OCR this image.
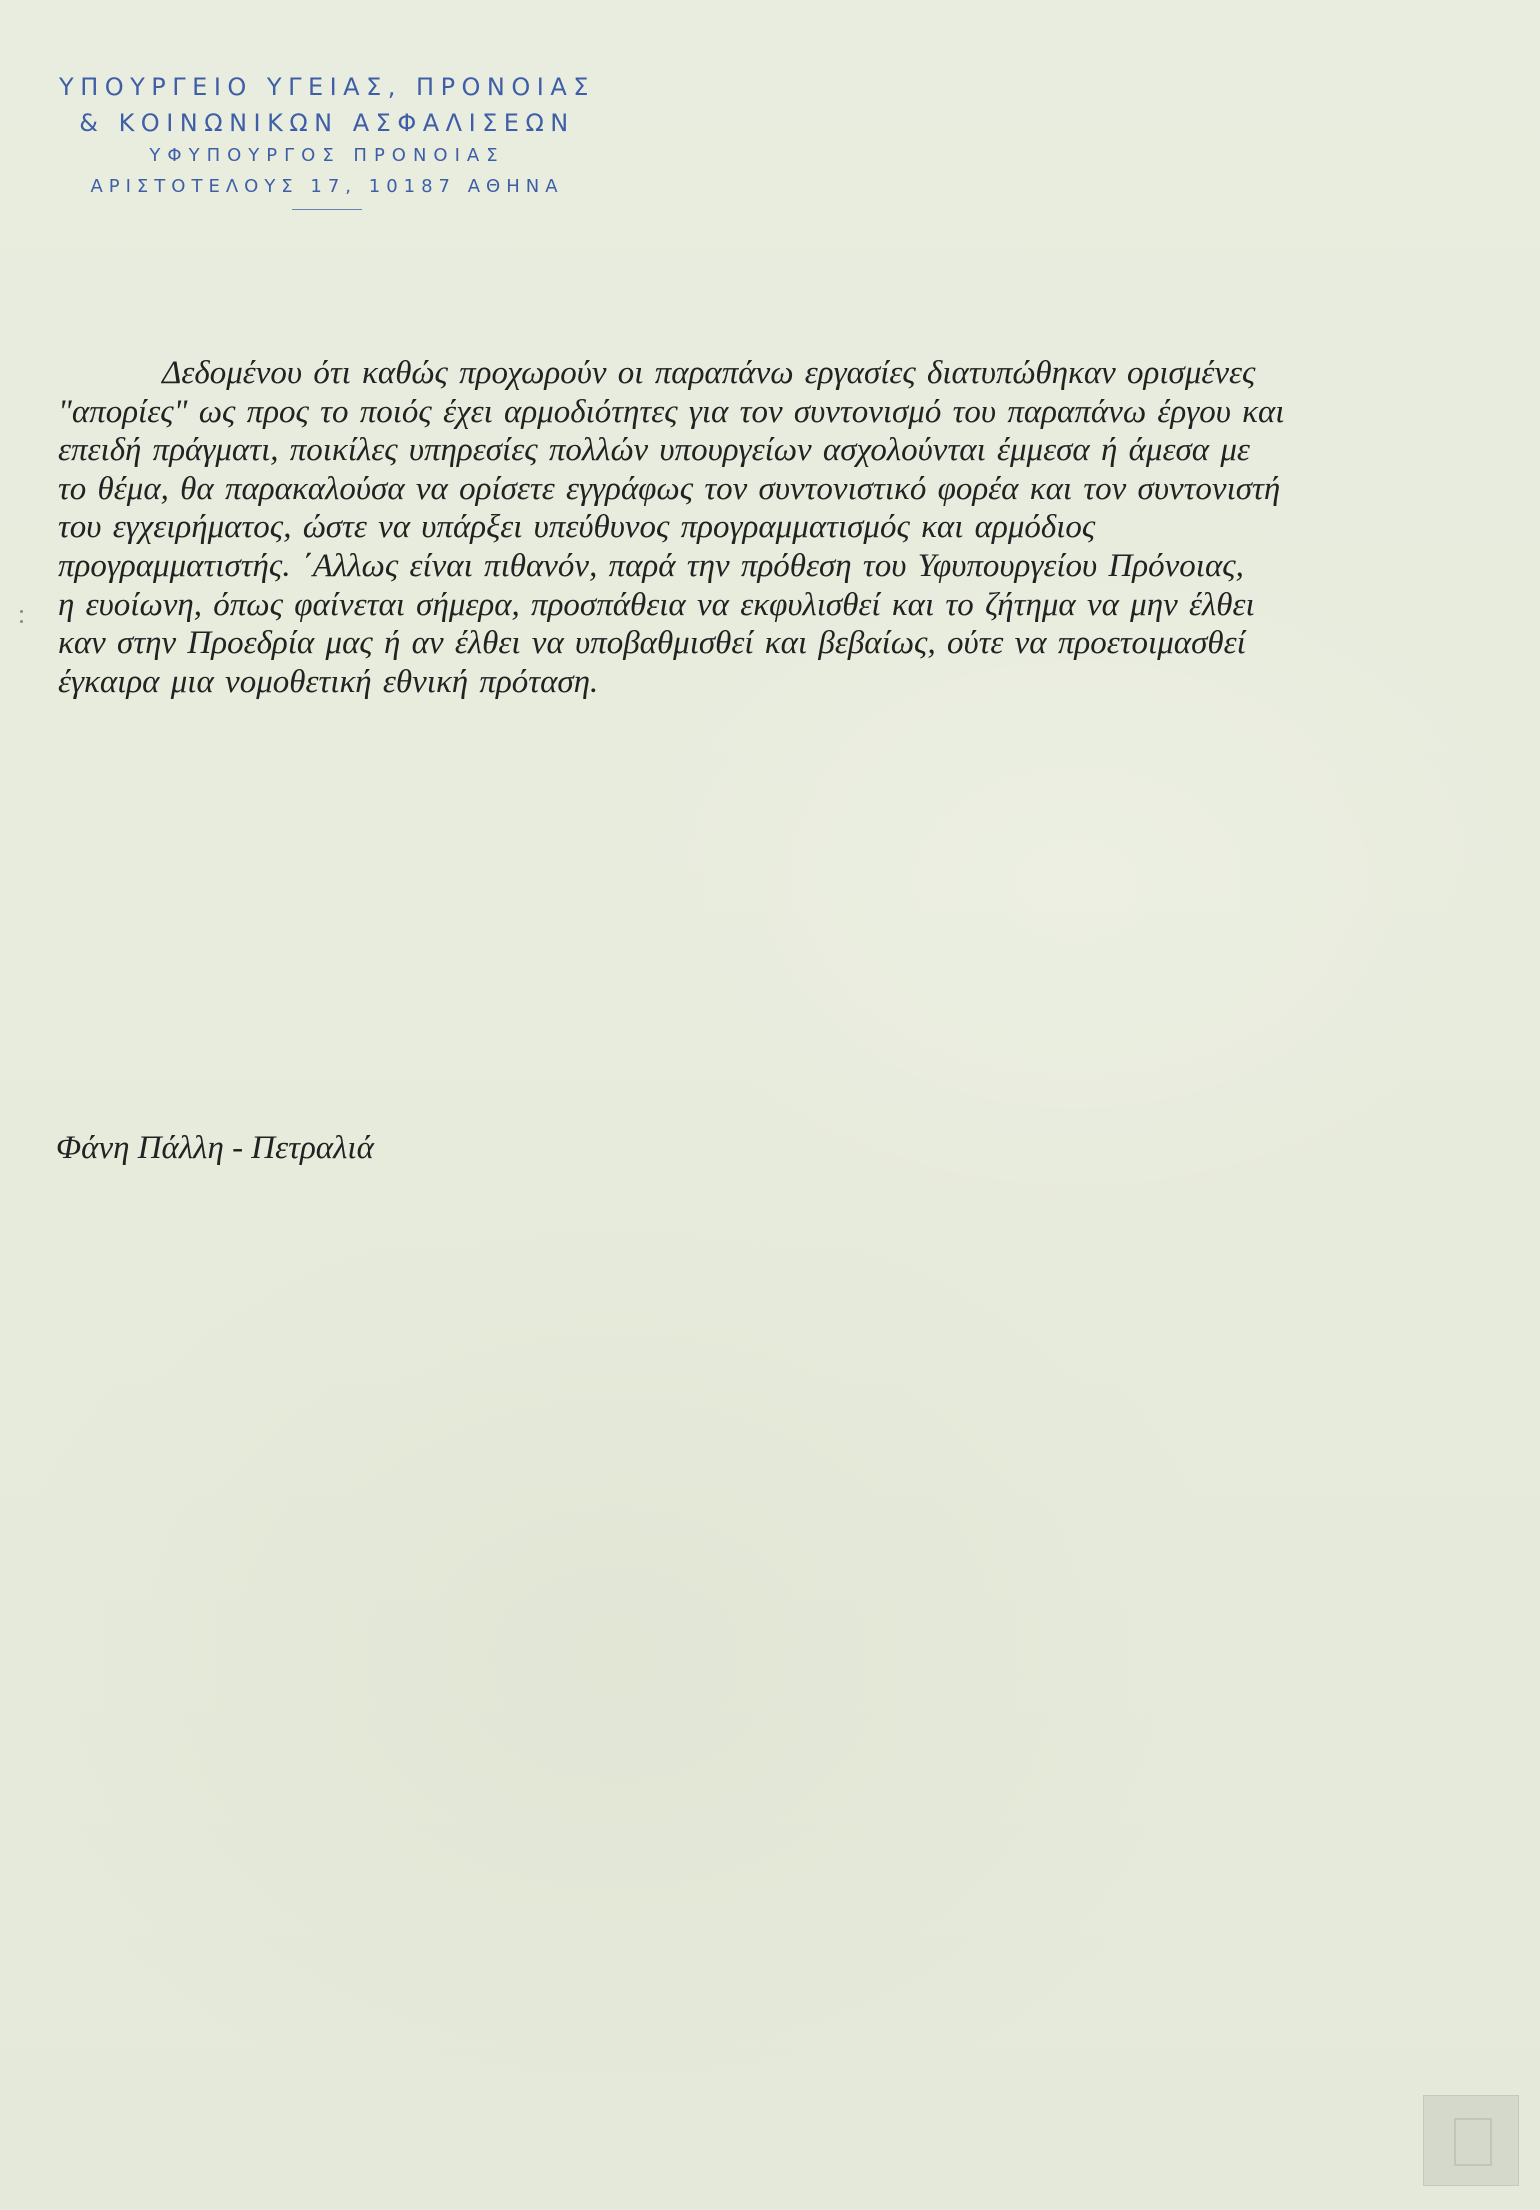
ΥΠΟΥΡΓΕΙΟ ΥΓΕΙΑΣ, ΠΡΟΝΟΙΑΣ
& ΚΟΙΝΩΝΙΚΩΝ ΑΣΦΑΛΙΣΕΩΝ
ΥΦΥΠΟΥΡΓΟΣ ΠΡΟΝΟΙΑΣ
ΑΡΙΣΤΟΤΕΛΟΥΣ 17, 10187 ΑΘΗΝΑ
Δεδομένου ότι καθώς προχωρούν οι παραπάνω εργασίες διατυπώθηκαν ορισμένες
"απορίες" ως προς το ποιός έχει αρμοδιότητες για τον συντονισμό του παραπάνω έργου και
επειδή πράγματι, ποικίλες υπηρεσίες πολλών υπουργείων ασχολούνται έμμεσα ή άμεσα με
το θέμα, θα παρακαλούσα να ορίσετε εγγράφως τον συντονιστικό φορέα και τον συντονιστή
του εγχειρήματος, ώστε να υπάρξει υπεύθυνος προγραμματισμός και αρμόδιος
προγραμματιστής. ΄Αλλως είναι πιθανόν, παρά την πρόθεση του Υφυπουργείου Πρόνοιας,
η ευοίωνη, όπως φαίνεται σήμερα, προσπάθεια να εκφυλισθεί και το ζήτημα να μην έλθει
καν στην Προεδρία μας ή αν έλθει να υποβαθμισθεί και βεβαίως, ούτε να προετοιμασθεί
έγκαιρα μια νομοθετική εθνική πρόταση.
Φάνη Πάλλη - Πετραλιά
